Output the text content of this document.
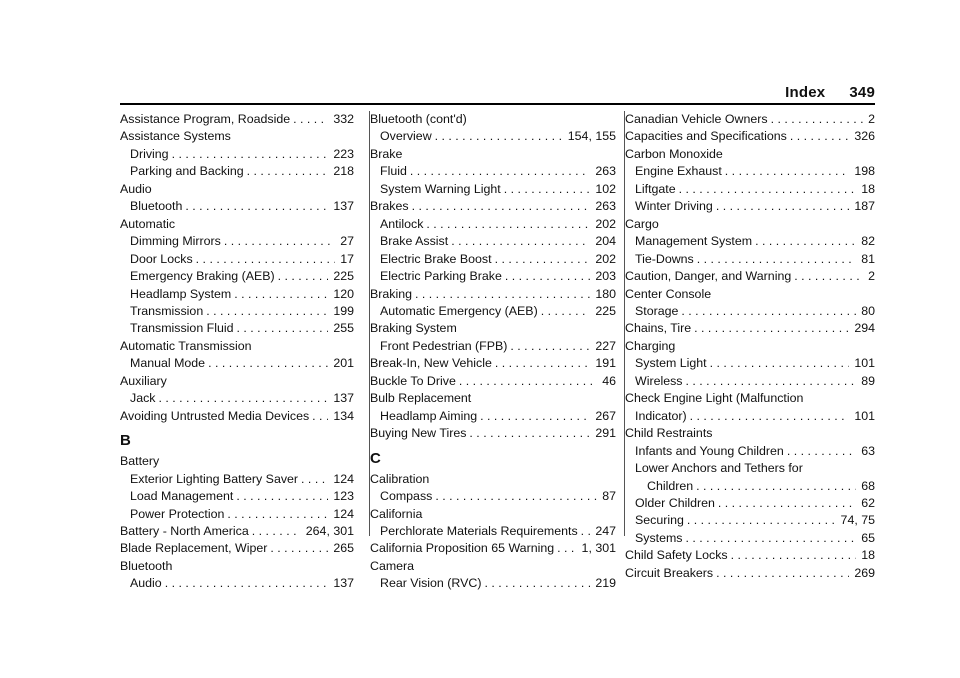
Index 349
Assistance Program, Roadside . . .	332
Assistance Systems
Driving . . .	223
Parking and Backing . . .	218
Audio
Bluetooth . . .	137
Automatic
Dimming Mirrors . . .	27
Door Locks . . .	17
Emergency Braking (AEB) . . .	225
Headlamp System . . .	120
Transmission . . .	199
Transmission Fluid . . .	255
Automatic Transmission
Manual Mode . . .	201
Auxiliary
Jack . . .	137
Avoiding Untrusted Media Devices . . . 134
B
Battery
Exterior Lighting Battery Saver . . .	124
Load Management . . .	123
Power Protection . . .	124
Battery - North America . . .	264, 301
Blade Replacement, Wiper . . .	265
Bluetooth
Audio . . .	137
Bluetooth (cont'd)
Overview . . .	154, 155
Brake
Fluid . . .	263
System Warning Light . . .	102
Brakes . . .	263
Antilock . . .	202
Brake Assist . . .	204
Electric Brake Boost . . .	202
Electric Parking Brake . . .	203
Braking . . .	180
Automatic Emergency (AEB) . . .	225
Braking System
Front Pedestrian (FPB) . . .	227
Break-In, New Vehicle . . .	191
Buckle To Drive . . .	46
Bulb Replacement
Headlamp Aiming . . .	267
Buying New Tires . . .	291
C
Calibration
Compass . . .	87
California
Perchlorate Materials Requirements . . . 247
California Proposition 65 Warning . . . 1, 301
Camera
Rear Vision (RVC) . . .	219
Canadian Vehicle Owners . . .	2
Capacities and Specifications . . .	326
Carbon Monoxide
Engine Exhaust . . .	198
Liftgate . . .	18
Winter Driving . . .	187
Cargo
Management System . . .	82
Tie-Downs . . .	81
Caution, Danger, and Warning . . .	2
Center Console
Storage . . .	80
Chains, Tire . . .	294
Charging
System Light . . .	101
Wireless . . .	89
Check Engine Light (Malfunction
Indicator) . . .	101
Child Restraints
Infants and Young Children . . .	63
Lower Anchors and Tethers for
Children . . .	68
Older Children . . .	62
Securing . . .	74, 75
Systems . . .	65
Child Safety Locks . . .	18
Circuit Breakers . . .	269
